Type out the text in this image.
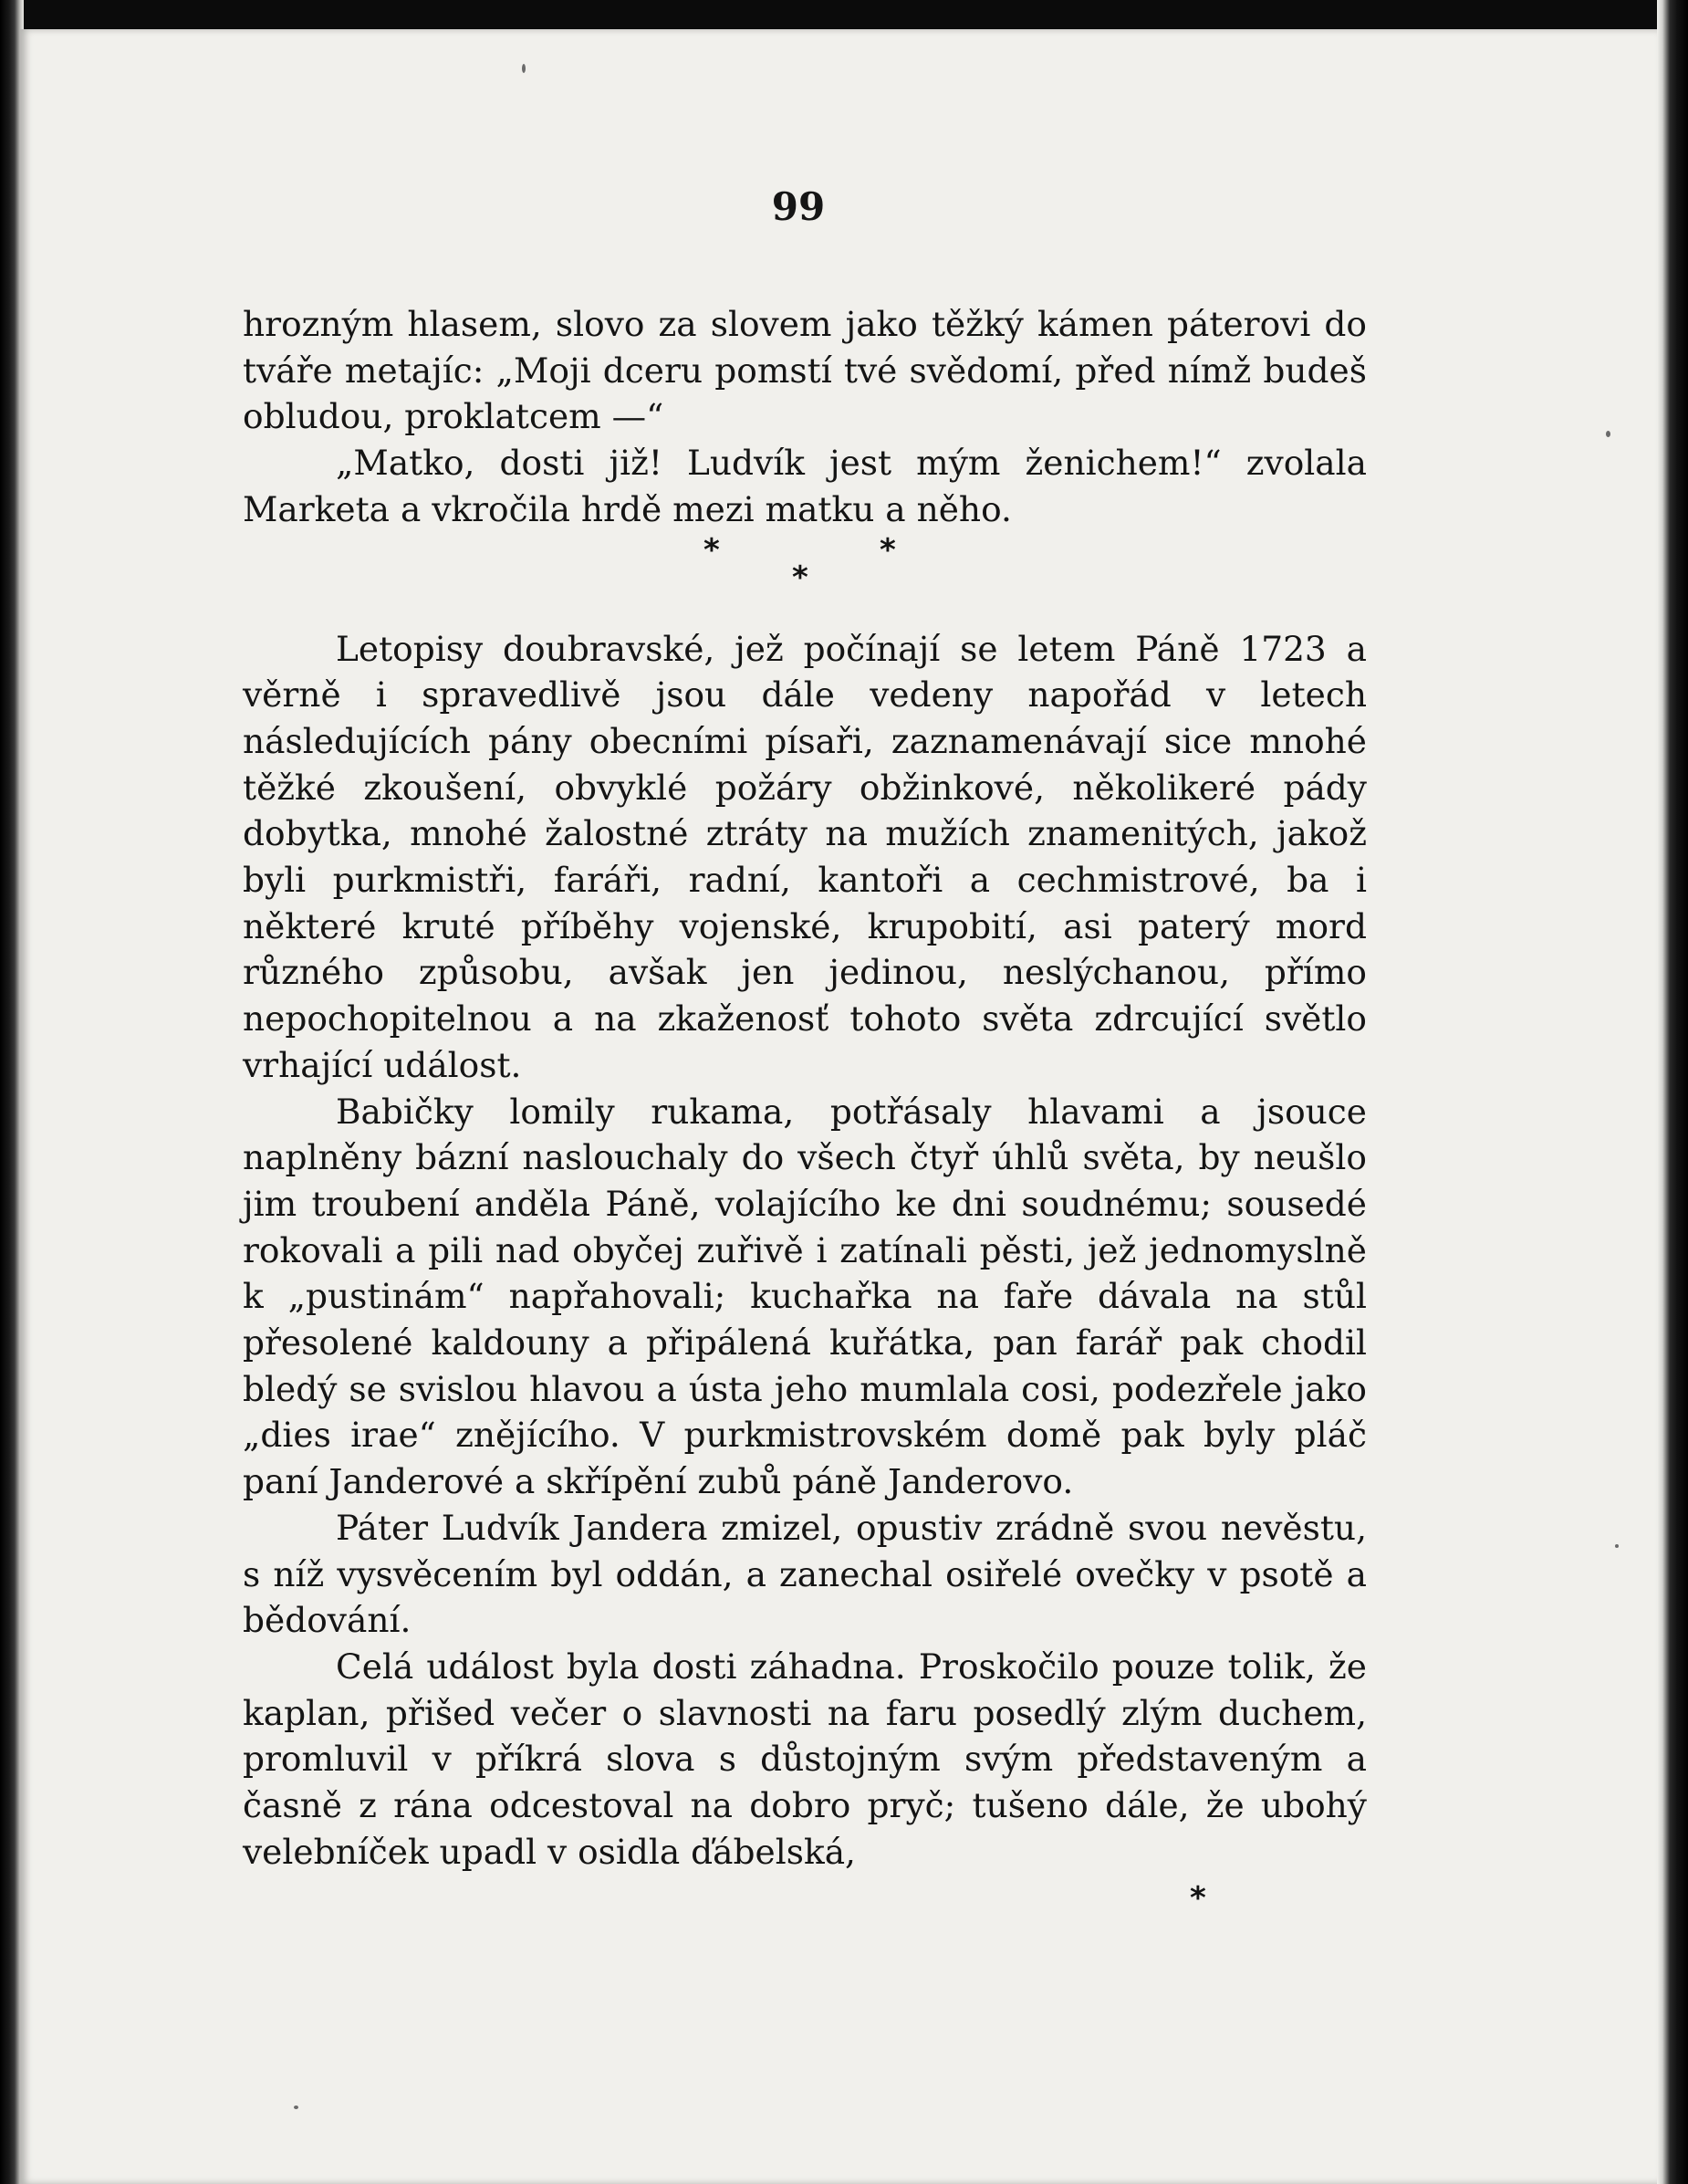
99

hrozným hlasem, slovo za slovem jako těžký kámen páterovi do tváře metajíc: „Moji dceru pomstí tvé svědomí, před nímž budeš obludou, proklatcem —“

„Matko, dosti již! Ludvík jest mým ženichem!“ zvolala Marketa a vkročila hrdě mezi matku a něho.

*
*
*

Letopisy doubravské, jež počínají se letem Páně 1723 a věrně i spravedlivě jsou dále vedeny napořád v letech následujících pány obecními písaři, zaznamenávají sice mnohé těžké zkoušení, obvyklé požáry obžinkové, několikeré pády dobytka, mnohé žalostné ztráty na mužích znamenitých, jakož byli purkmistři, faráři, radní, kantoři a cechmistrové, ba i některé kruté příběhy vojenské, krupobití, asi paterý mord různého způsobu, avšak jen jedinou, neslýchanou, přímo nepochopitelnou a na zkaženosť tohoto světa zdrcující světlo vrhající událost.

Babičky lomily rukama, potřásaly hlavami a jsouce naplněny bázní naslouchaly do všech čtyř úhlů světa, by neušlo jim troubení anděla Páně, volajícího ke dni soudnému; sousedé rokovali a pili nad obyčej zuřivě i zatínali pěsti, jež jednomyslně k „pustinám“ napřahovali; kuchařka na faře dávala na stůl přesolené kaldouny a připálená kuřátka, pan farář pak chodil bledý se svislou hlavou a ústa jeho mumlala cosi, podezřele jako „dies irae“ znějícího. V purkmistrovském domě pak byly pláč paní Janderové a skřípění zubů páně Janderovo.

Páter Ludvík Jandera zmizel, opustiv zrádně svou nevěstu, s níž vysvěcením byl oddán, a zanechal osiřelé ovečky v psotě a bědování.

Celá událost byla dosti záhadna. Proskočilo pouze tolik, že kaplan, přišed večer o slavnosti na faru posedlý zlým duchem, promluvil v příkrá slova s důstojným svým představeným a časně z rána odcestoval na dobro pryč; tušeno dále, že ubohý velebníček upadl v osidla ďábelská,

*
